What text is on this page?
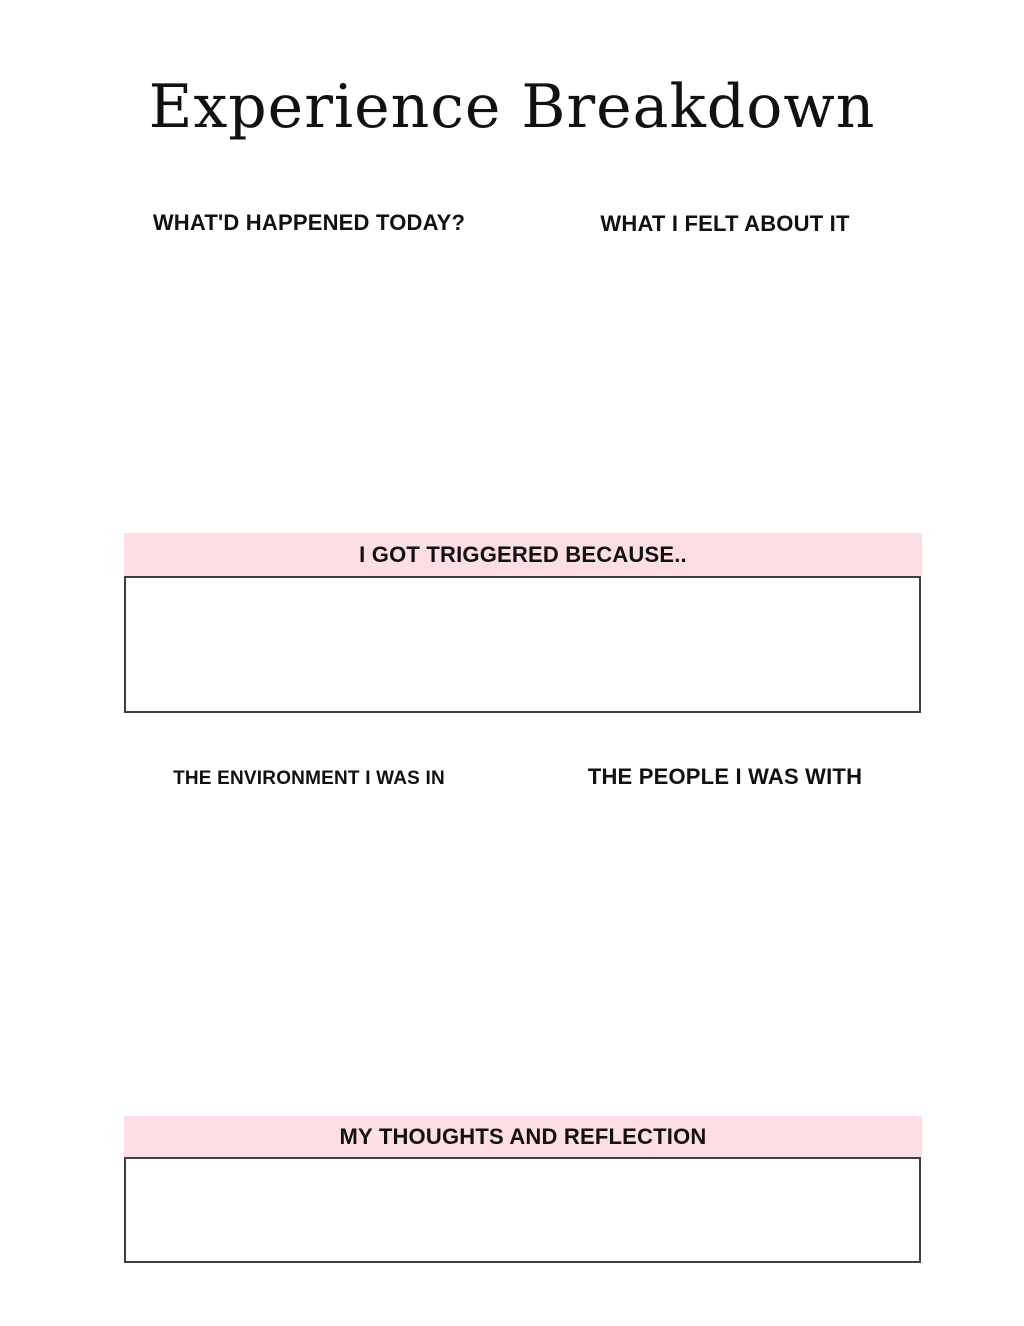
Experience Breakdown
WHAT'D HAPPENED TODAY?	WHAT I FELT ABOUT IT
I GOT TRIGGERED BECAUSE..
THE ENVIRONMENT I WAS IN	THE PEOPLE I WAS WITH
MY THOUGHTS AND REFLECTION
